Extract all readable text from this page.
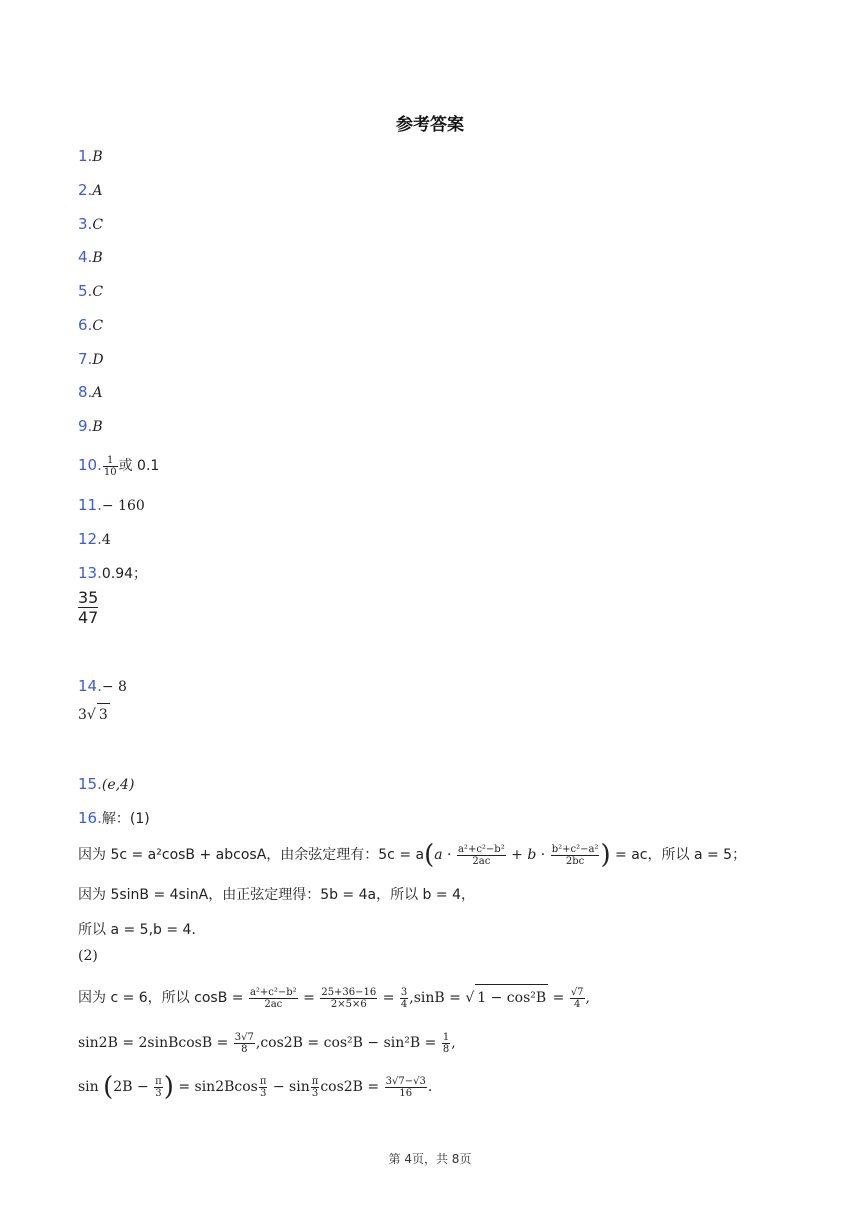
参考答案
1.B
2.A
3.C
4.B
5.C
6.C
7.D
8.A
9.B
10. $\frac{1}{10}$ 或 0.1
11.− 160
12.4
13.0.94；
$\frac{35}{47}$
14.− 8
3√ 3
15.(e,4)
16.解：(1)
因为 5c = a²cosB + abcosA，由余弦定理有：$5c = a(a \cdot \frac{\text{a²+c²−b²}}{2ac} + b \cdot \frac{\text{b²+c²−a²}}{2bc}$ ) = ac，所以 a = 5；
因为 5sinB = 4sinA，由正弦定理得：5b = 4a，所以 b = 4，
所以 a = 5,b = 4．
(2)
因为 c = 6，所以 $\cos B = \frac{\text{a²+c²−b²}}{2ac} = \frac{25+36-16}{2\times 5\times 6} = \frac{3}{4} ,\sin B$ = √ $1 - \cos^2B = \frac{√7}{4}$ ,
sin2B = 2sinBcosB = $\frac{3√7}{8} ,\cos 2B = \cos^2B - \sin^2B = \frac{1}{8}$ ,
$\sin (2B - \frac{\pi}{3}$ ) = $\sin 2Bcos \frac{\pi}{3} - \sin \frac{\pi}{3} \cos 2B = \frac{3√7-√3}{16}$ .
第 4页，共 8页
